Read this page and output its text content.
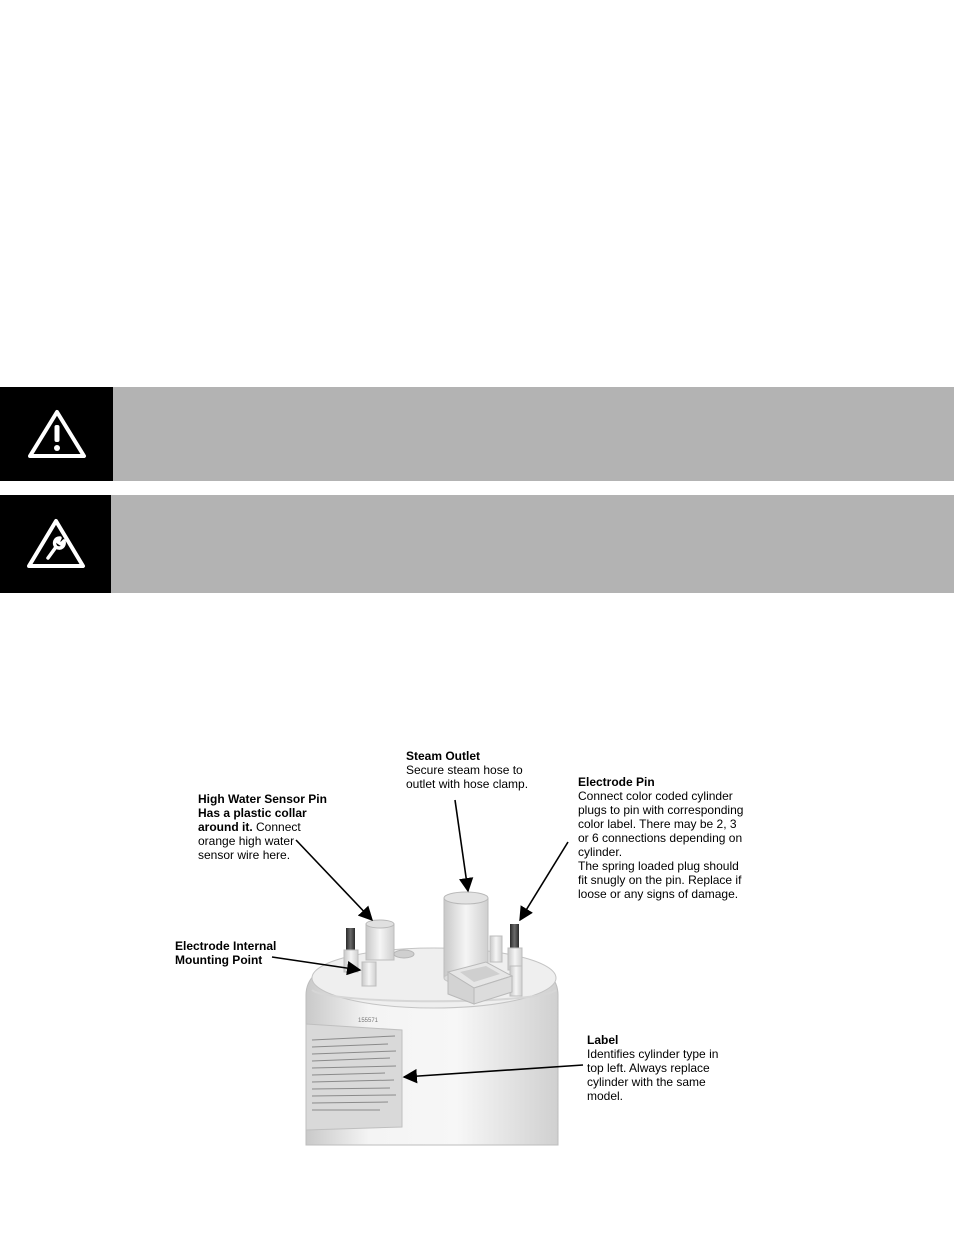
155571
Steam Outlet
Secure steam hose to
outlet with hose clamp.	Electrode Pin
Connect color coded cylinder
plugs to pin with corresponding
color label. There may be 2, 3
or 6 connections depending on
cylinder.
The spring loaded plug should
fit snugly on the pin. Replace if
loose or any signs of damage.
High Water Sensor Pin
Has a plastic collar
around it. Connect
orange high water
sensor wire here.
Electrode Internal
Mounting Point
Label
Identifies cylinder type in
top left. Always replace
cylinder with the same
model.
